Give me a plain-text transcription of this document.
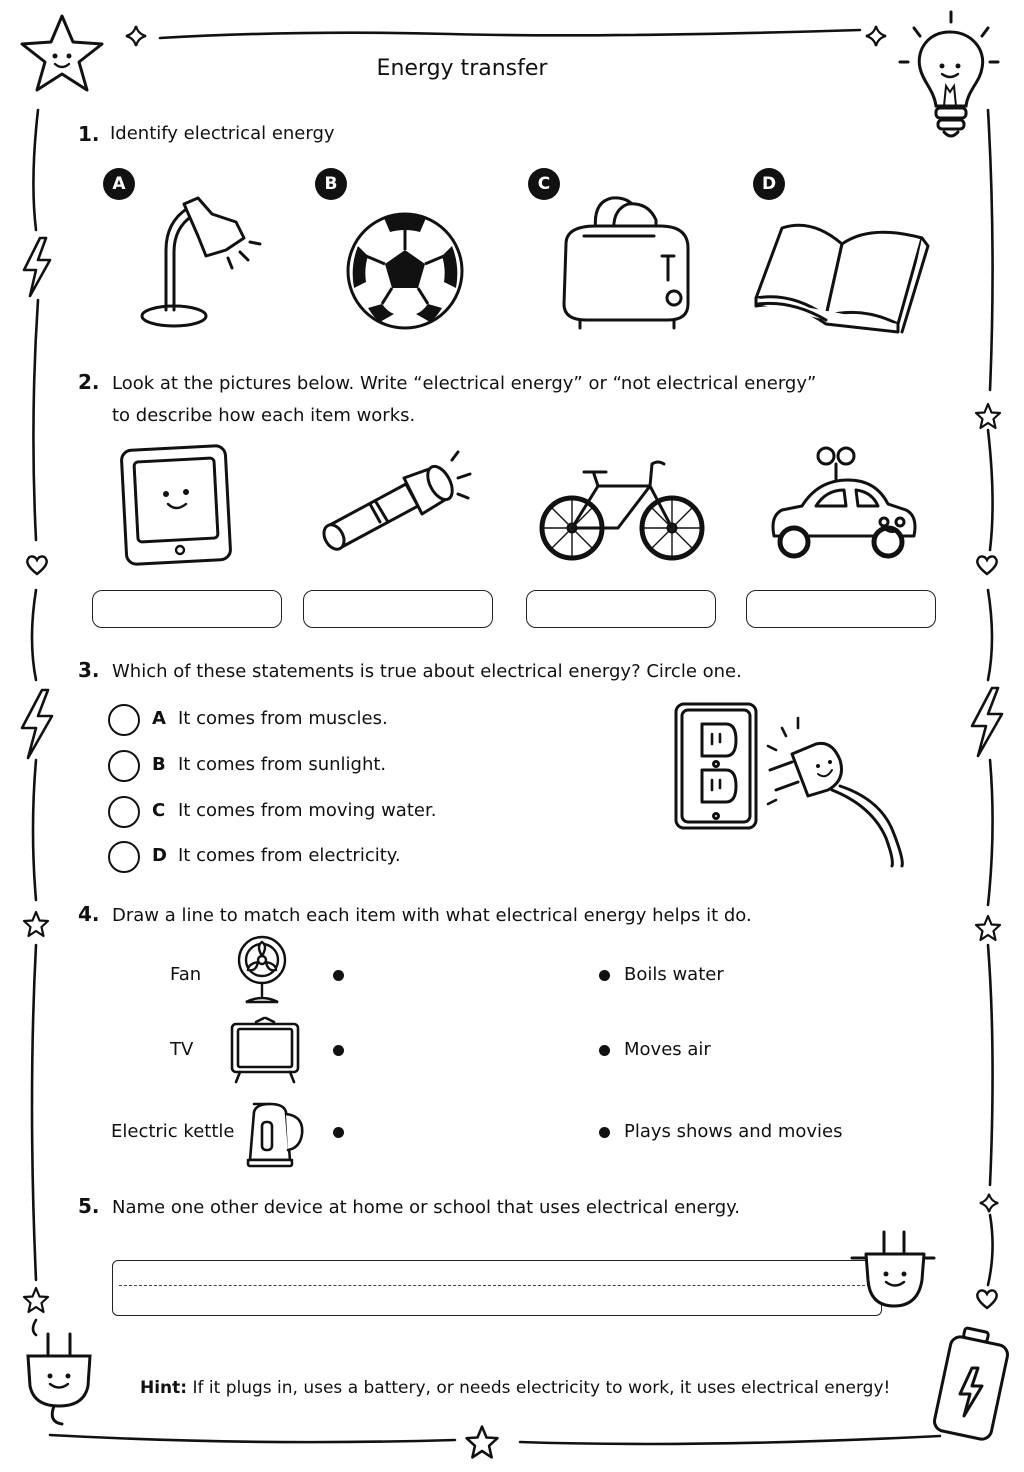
Energy transfer
1. Identify electrical energy
A	B	C	D
2. Look at the pictures below. Write “electrical energy” or “not electrical energy”
to describe how each item works.
3. Which of these statements is true about electrical energy? Circle one.
A It comes from muscles.
B It comes from sunlight.
C It comes from moving water.
D It comes from electricity.
4. Draw a line to match each item with what electrical energy helps it do.
Fan
TV
Electric kettle
Boils water
Moves air
Plays shows and movies
5. Name one other device at home or school that uses electrical energy.
Hint: If it plugs in, uses a battery, or needs electricity to work, it uses electrical energy!
